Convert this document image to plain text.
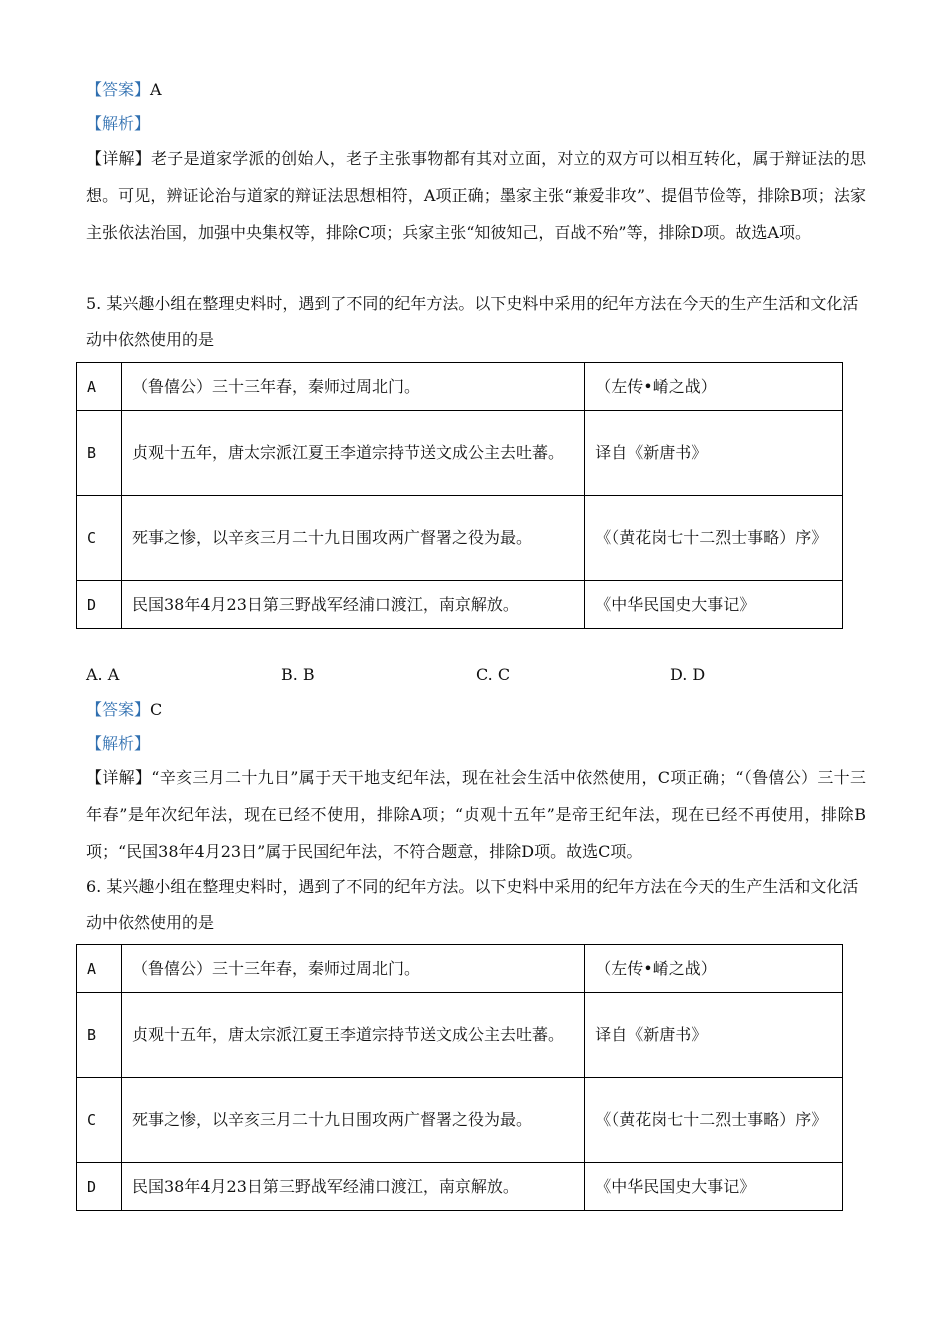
【答案】A
【解析】
【详解】老子是道家学派的创始人，老子主张事物都有其对立面，对立的双方可以相互转化，属于辩证法的思想。可见，辨证论治与道家的辩证法思想相符，A项正确；墨家主张“兼爱非攻”、提倡节俭等，排除B项；法家主张依法治国，加强中央集权等，排除C项；兵家主张“知彼知己，百战不殆”等，排除D项。故选A项。
5. 某兴趣小组在整理史料时，遇到了不同的纪年方法。以下史料中采用的纪年方法在今天的生产生活和文化活动中依然使用的是
A	（鲁僖公）三十三年春，秦师过周北门。	（左传•崤之战）
B	贞观十五年，唐太宗派江夏王李道宗持节送文成公主去吐蕃。	译自《新唐书》
C	死事之惨，以辛亥三月二十九日围攻两广督署之役为最。	《（黄花岗七十二烈士事略）序》
D	民国38年4月23日第三野战军经浦口渡江，南京解放。	《中华民国史大事记》
A. A	B. B	C. C	D. D
【答案】C
【解析】
【详解】“辛亥三月二十九日”属于天干地支纪年法，现在社会生活中依然使用，C项正确；“（鲁僖公）三十三年春”是年次纪年法，现在已经不使用，排除A项；“贞观十五年”是帝王纪年法，现在已经不再使用，排除B项；“民国38年4月23日”属于民国纪年法，不符合题意，排除D项。故选C项。
6. 某兴趣小组在整理史料时，遇到了不同的纪年方法。以下史料中采用的纪年方法在今天的生产生活和文化活动中依然使用的是
A	（鲁僖公）三十三年春，秦师过周北门。	（左传•崤之战）
B	贞观十五年，唐太宗派江夏王李道宗持节送文成公主去吐蕃。	译自《新唐书》
C	死事之惨，以辛亥三月二十九日围攻两广督署之役为最。	《（黄花岗七十二烈士事略）序》
D	民国38年4月23日第三野战军经浦口渡江，南京解放。	《中华民国史大事记》
